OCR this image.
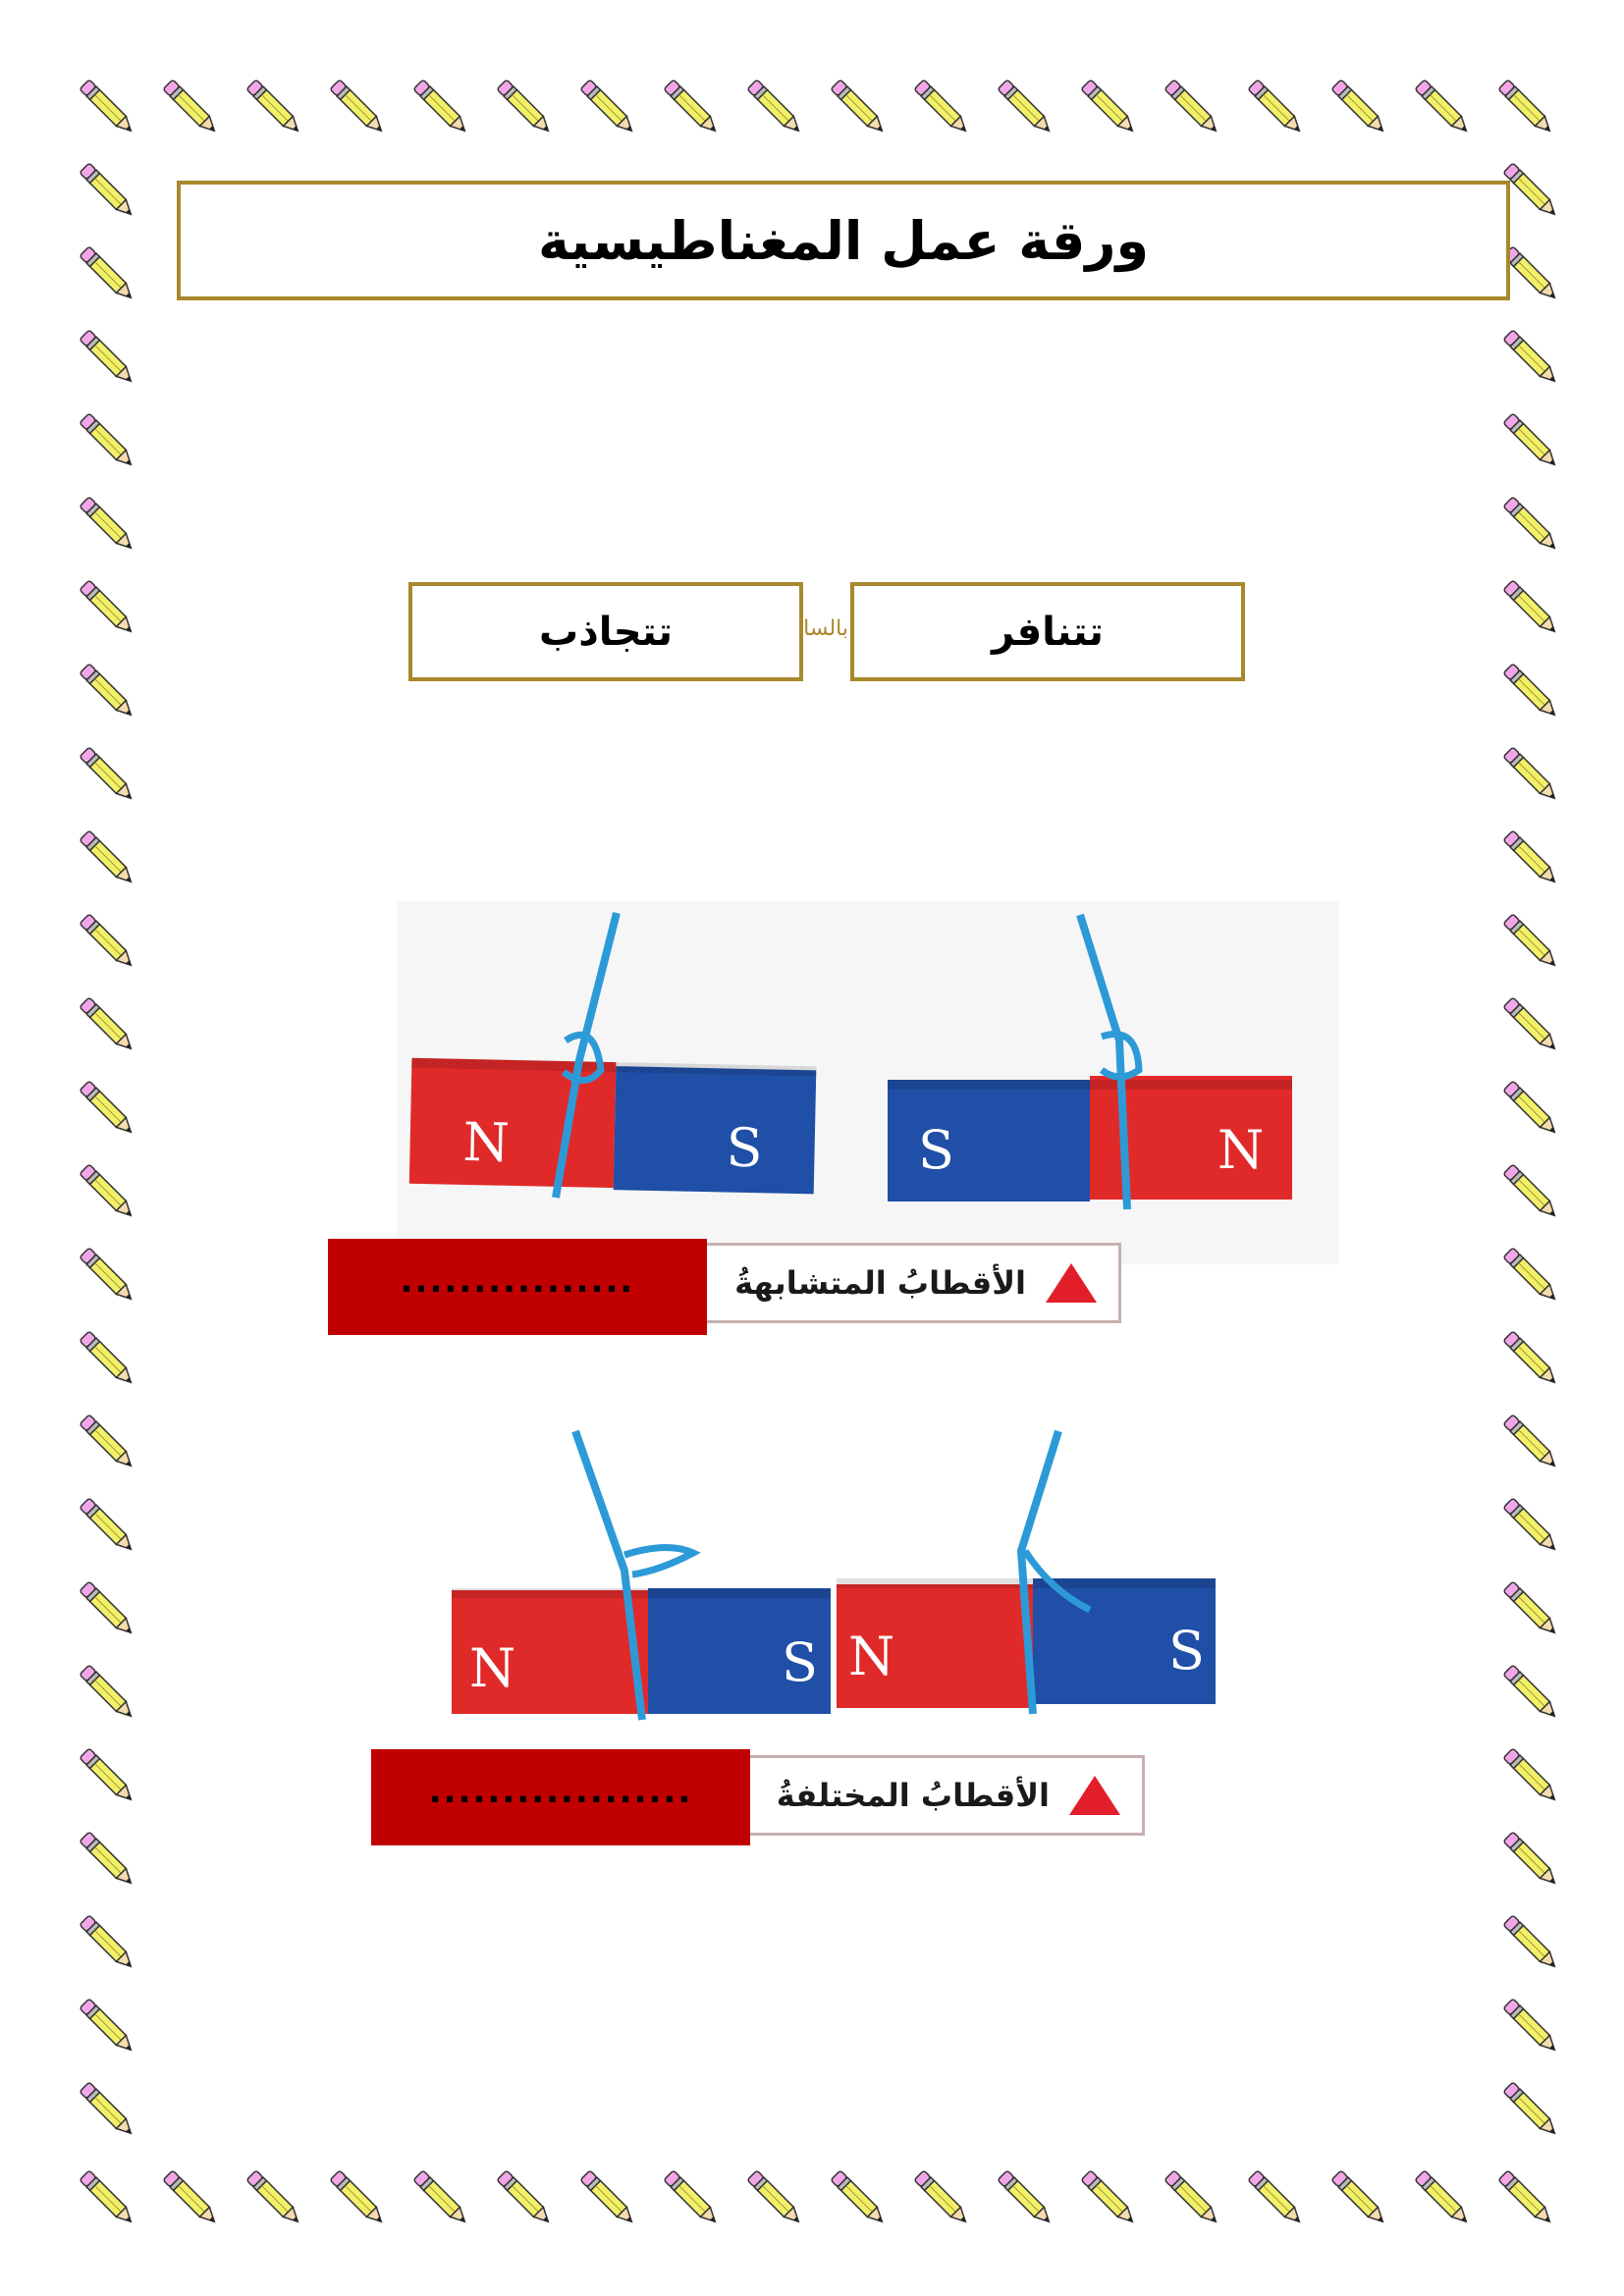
ورقة عمل المغناطيسية
تتنافر
بالسا
تتجاذب
N	S	S	N
N	S N	S
الأقطابُ المتشابهةُ
................
الأقطابُ المختلفةُ
..................
